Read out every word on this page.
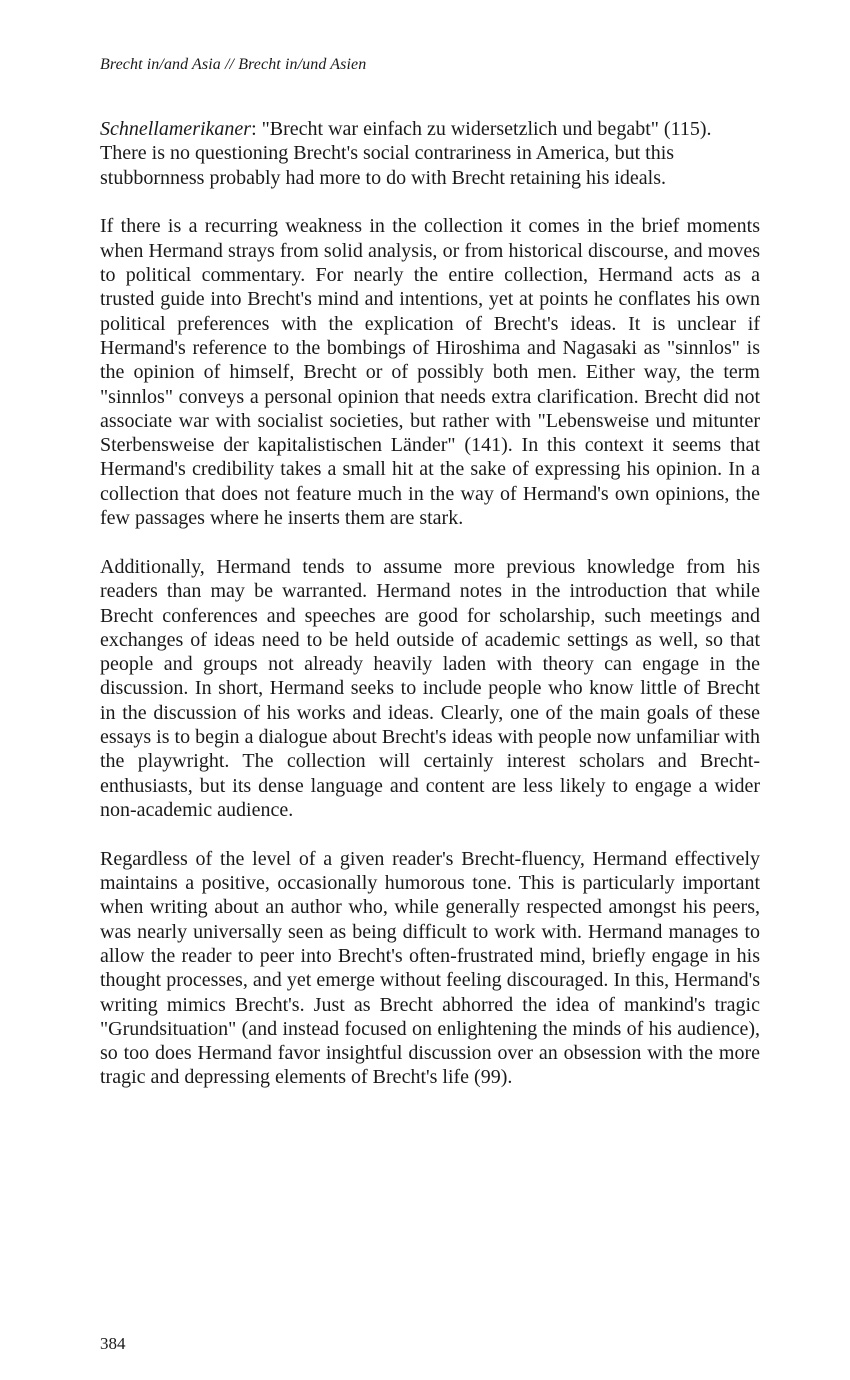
Brecht in/and Asia // Brecht in/und Asien

Schnellamerikaner: "Brecht war einfach zu widersetzlich und begabt" (115). There is no questioning Brecht's social contrariness in America, but this stubbornness probably had more to do with Brecht retaining his ideals.

If there is a recurring weakness in the collection it comes in the brief moments when Hermand strays from solid analysis, or from historical discourse, and moves to political commentary. For nearly the entire collection, Hermand acts as a trusted guide into Brecht's mind and intentions, yet at points he conflates his own political preferences with the explication of Brecht's ideas. It is unclear if Hermand's reference to the bombings of Hiroshima and Nagasaki as "sinnlos" is the opinion of himself, Brecht or of possibly both men. Either way, the term "sinnlos" conveys a personal opinion that needs extra clarification. Brecht did not associate war with socialist societies, but rather with "Lebensweise und mitunter Sterbensweise der kapitalistischen Länder" (141). In this context it seems that Hermand's credibility takes a small hit at the sake of expressing his opinion. In a collection that does not feature much in the way of Hermand's own opinions, the few passages where he inserts them are stark.

Additionally, Hermand tends to assume more previous knowledge from his readers than may be warranted. Hermand notes in the introduction that while Brecht conferences and speeches are good for scholarship, such meetings and exchanges of ideas need to be held outside of academic settings as well, so that people and groups not already heavily laden with theory can engage in the discussion. In short, Hermand seeks to include people who know little of Brecht in the discussion of his works and ideas. Clearly, one of the main goals of these essays is to begin a dialogue about Brecht's ideas with people now unfamiliar with the playwright. The collection will certainly interest scholars and Brecht-enthusiasts, but its dense language and content are less likely to engage a wider non-academic audience.

Regardless of the level of a given reader's Brecht-fluency, Hermand effectively maintains a positive, occasionally humorous tone. This is particularly important when writing about an author who, while generally respected amongst his peers, was nearly universally seen as being difficult to work with. Hermand manages to allow the reader to peer into Brecht's often-frustrated mind, briefly engage in his thought processes, and yet emerge without feeling discouraged. In this, Hermand's writing mimics Brecht's. Just as Brecht abhorred the idea of mankind's tragic "Grundsituation" (and instead focused on enlightening the minds of his audience), so too does Hermand favor insightful discussion over an obsession with the more tragic and depressing elements of Brecht's life (99).

384
